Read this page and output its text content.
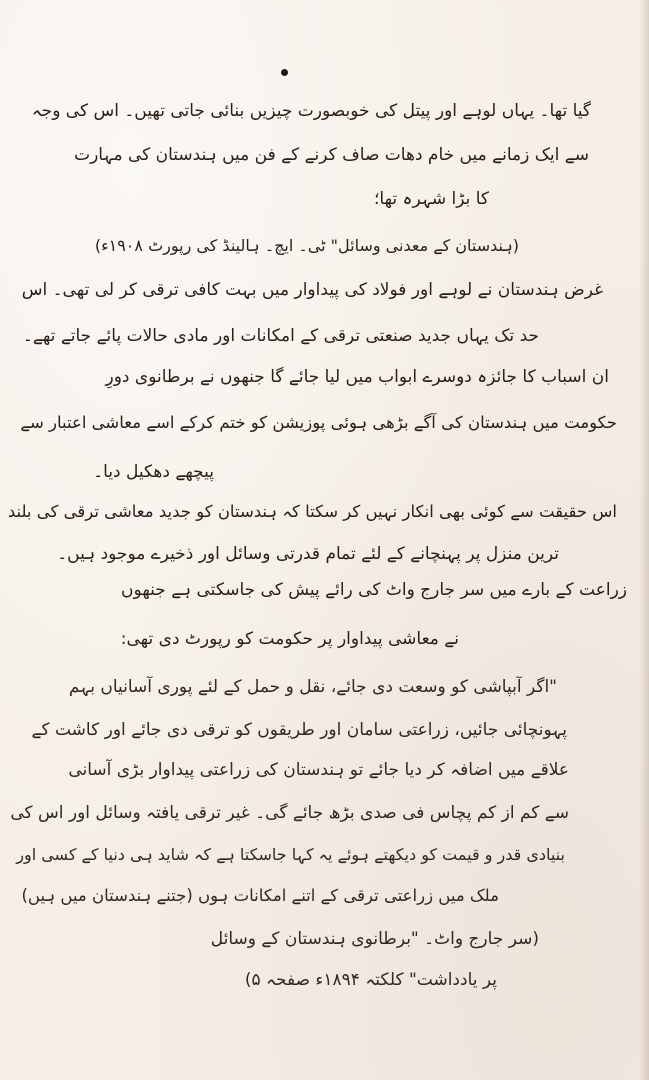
گیا تھا۔ یہاں لوہے اور پیتل کی خوبصورت چیزیں بنائی جاتی تھیں۔ اس کی وجہ
سے ایک زمانے میں خام دھات صاف کرنے کے فن میں ہندستان کی مہارت
کا بڑا شہرہ تھا؛
(ہندستان کے معدنی وسائل" ٹی۔ ایچ۔ ہالینڈ کی رپورٹ ۱۹۰۸ء)
غرض ہندستان نے لوہے اور فولاد کی پیداوار میں بہت کافی ترقی کر لی تھی۔ اس
حد تک یہاں جدید صنعتی ترقی کے امکانات اور مادی حالات پائے جاتے تھے۔
ان اسباب کا جائزہ دوسرے ابواب میں لیا جائے گا جنھوں نے برطانوی دورِ
حکومت میں ہندستان کی آگے بڑھی ہوئی پوزیشن کو ختم کرکے اسے معاشی اعتبار سے
پیچھے دھکیل دیا۔
اس حقیقت سے کوئی بھی انکار نہیں کر سکتا کہ ہندستان کو جدید معاشی ترقی کی بلند
ترین منزل پر پہنچانے کے لئے تمام قدرتی وسائل اور ذخیرے موجود ہیں۔
زراعت کے بارے میں سر جارج واٹ کی رائے پیش کی جاسکتی ہے جنھوں
نے معاشی پیداوار پر حکومت کو رپورٹ دی تھی:
"اگر آبپاشی کو وسعت دی جائے، نقل و حمل کے لئے پوری آسانیاں بہم
پہونچائی جائیں، زراعتی سامان اور طریقوں کو ترقی دی جائے اور کاشت کے
علاقے میں اضافہ کر دیا جائے تو ہندستان کی زراعتی پیداوار بڑی آسانی
سے کم از کم پچاس فی صدی بڑھ جائے گی۔ غیر ترقی یافتہ وسائل اور اس کی
بنیادی قدر و قیمت کو دیکھتے ہوئے یہ کہا جاسکتا ہے کہ شاید ہی دنیا کے کسی اور
ملک میں زراعتی ترقی کے اتنے امکانات ہوں (جتنے ہندستان میں ہیں)
(سر جارج واٹ۔ "برطانوی ہندستان کے وسائل
پر یادداشت" کلکتہ ۱۸۹۴ء صفحہ ۵)
